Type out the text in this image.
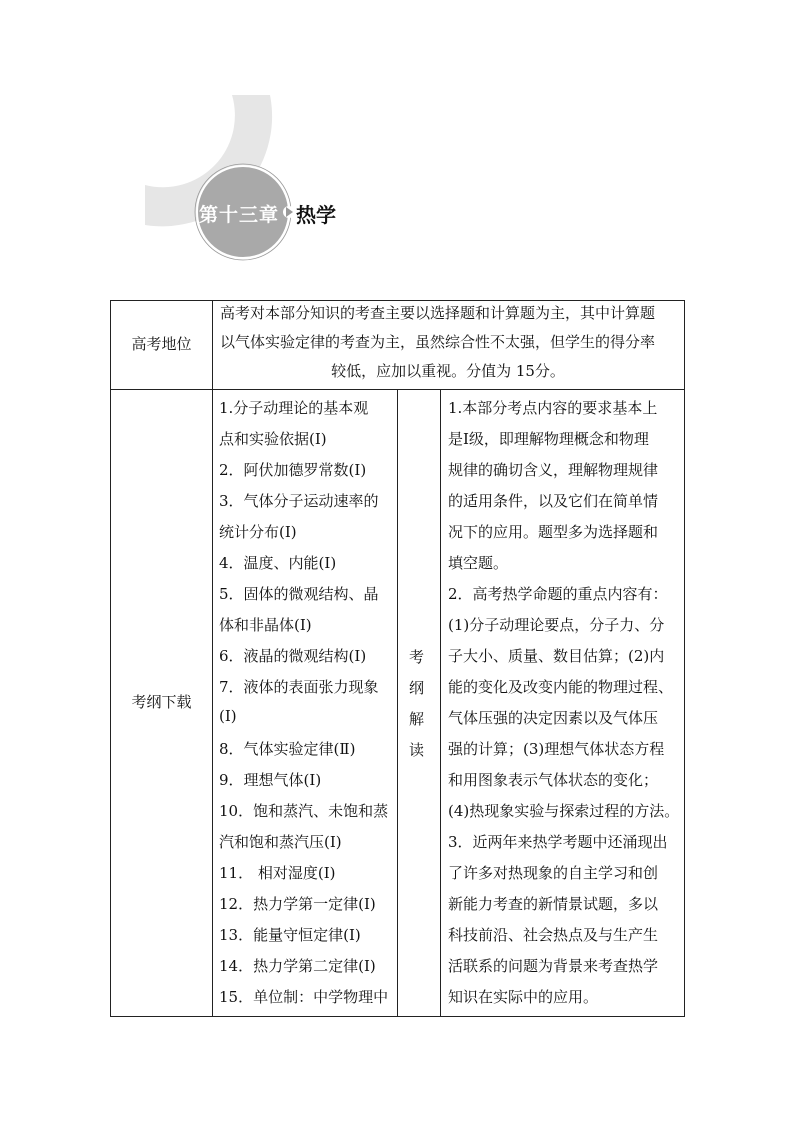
第十三章 热学
高考地位
高考对本部分知识的考查主要以选择题和计算题为主，其中计算题
以气体实验定律的考查为主，虽然综合性不太强，但学生的得分率
较低，应加以重视。分值为 15分。
考纲下载
1.分子动理论的基本观
点和实验依据(Ⅰ)
2．阿伏加德罗常数(Ⅰ)
3．气体分子运动速率的
统计分布(Ⅰ)
4．温度、内能(Ⅰ)
5．固体的微观结构、晶
体和非晶体(Ⅰ)
6．液晶的微观结构(Ⅰ)
7．液体的表面张力现象
(Ⅰ)
8．气体实验定律(Ⅱ)
9．理想气体(Ⅰ)
10．饱和蒸汽、未饱和蒸
汽和饱和蒸汽压(Ⅰ)
11． 相对湿度(Ⅰ)
12．热力学第一定律(Ⅰ)
13．能量守恒定律(Ⅰ)
14．热力学第二定律(Ⅰ)
15．单位制：中学物理中
考
纲
解
读
1.本部分考点内容的要求基本上
是Ⅰ级，即理解物理概念和物理
规律的确切含义，理解物理规律
的适用条件，以及它们在简单情
况下的应用。题型多为选择题和
填空题。
2．高考热学命题的重点内容有：
(1)分子动理论要点，分子力、分
子大小、质量、数目估算；(2)内
能的变化及改变内能的物理过程、
气体压强的决定因素以及气体压
强的计算；(3)理想气体状态方程
和用图象表示气体状态的变化；
(4)热现象实验与探索过程的方法。
3．近两年来热学考题中还涌现出
了许多对热现象的自主学习和创
新能力考查的新情景试题，多以
科技前沿、社会热点及与生产生
活联系的问题为背景来考查热学
知识在实际中的应用。
